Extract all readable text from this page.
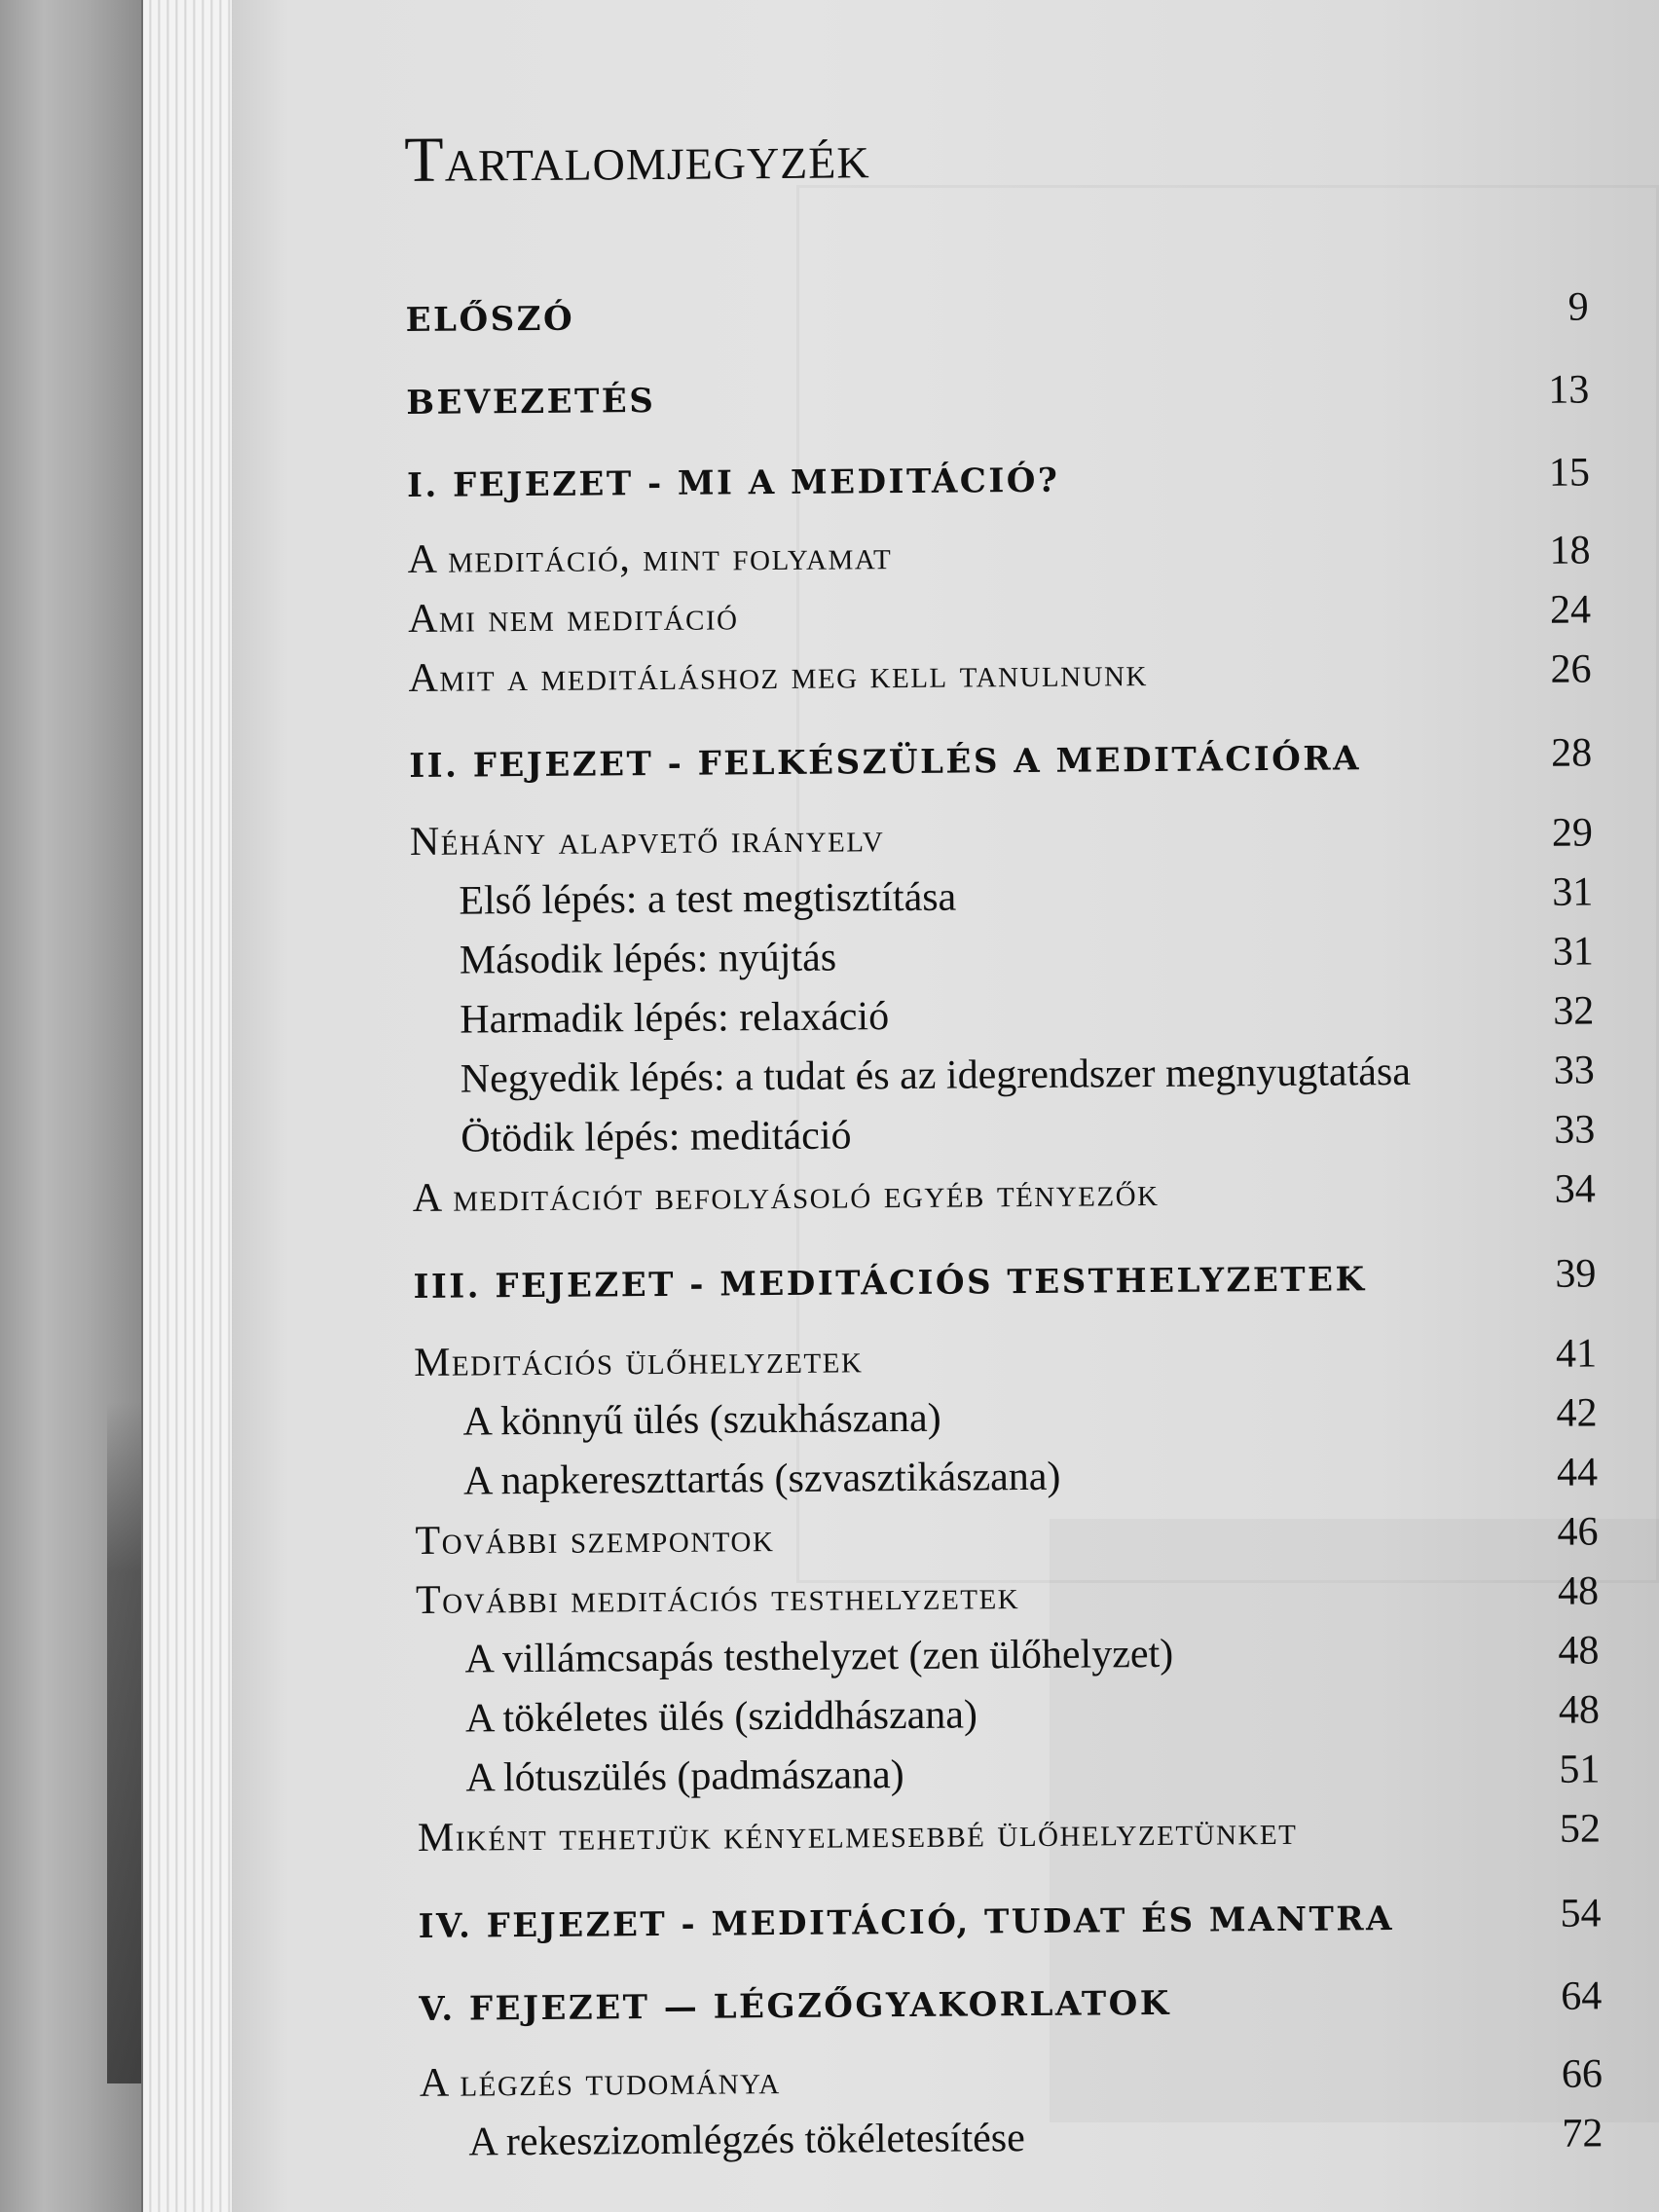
Tartalomjegyzék
ELŐSZÓ	9
BEVEZETÉS	13
I. FEJEZET - MI A MEDITÁCIÓ?	15
A meditáció, mint folyamat	18
Ami nem meditáció	24
Amit a meditáláshoz meg kell tanulnunk	26
II. FEJEZET - FELKÉSZÜLÉS A MEDITÁCIÓRA	28
Néhány alapvető irányelv	29
Első lépés: a test megtisztítása	31
Második lépés: nyújtás	31
Harmadik lépés: relaxáció	32
Negyedik lépés: a tudat és az idegrendszer megnyugtatása	33
Ötödik lépés: meditáció	33
A meditációt befolyásoló egyéb tényezők	34
III. FEJEZET - MEDITÁCIÓS TESTHELYZETEK	39
Meditációs ülőhelyzetek	41
A könnyű ülés (szukhászana)	42
A napkereszttartás (szvasztikászana)	44
További szempontok	46
További meditációs testhelyzetek	48
A villámcsapás testhelyzet (zen ülőhelyzet)	48
A tökéletes ülés (sziddhászana)	48
A lótuszülés (padmászana)	51
Miként tehetjük kényelmesebbé ülőhelyzetünket	52
IV. FEJEZET - MEDITÁCIÓ, TUDAT ÉS MANTRA	54
V. FEJEZET — LÉGZŐGYAKORLATOK	64
A légzés tudománya	66
A rekeszizomlégzés tökéletesítése	72
